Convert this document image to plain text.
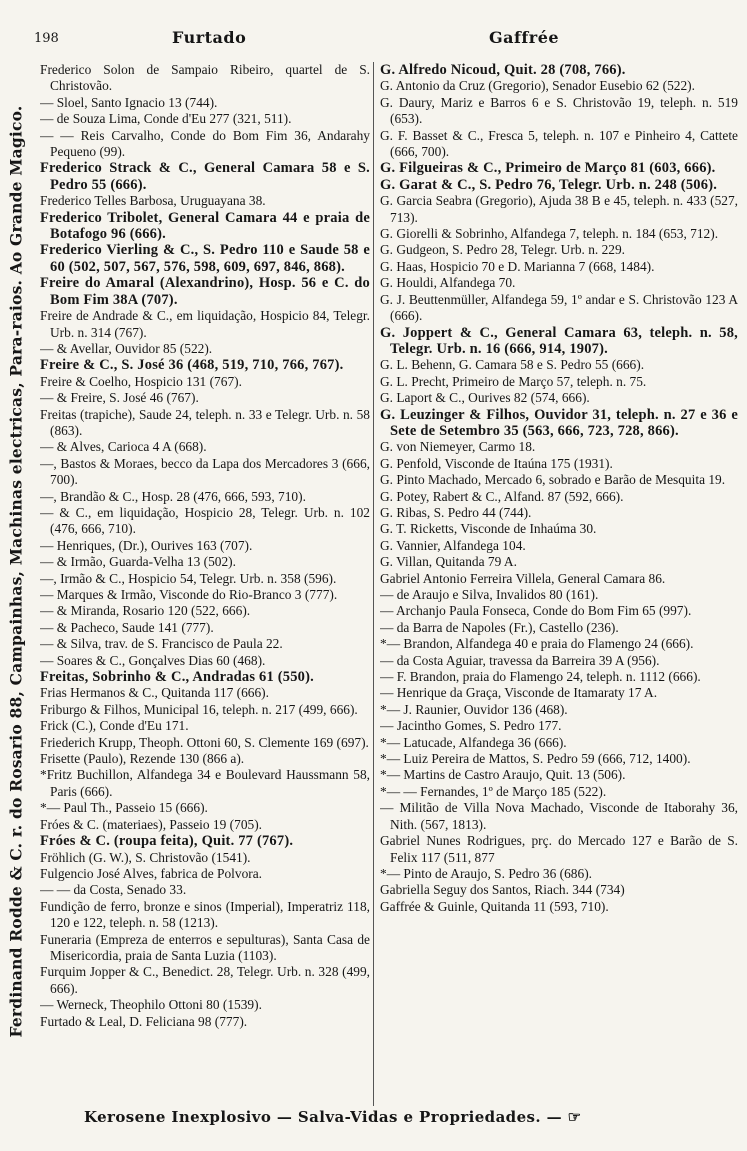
Ferdinand Rodde & C. r. do Rosario 88, Campainhas, Machinas electricas, Para-raios. Ao Grande Magico.
198	Furtado	Gaffrée
Frederico Solon de Sampaio Ribeiro, quartel de S. Christovão.
— Sloel, Santo Ignacio 13 (744).
— de Souza Lima, Conde d'Eu 277 (321, 511).
— — Reis Carvalho, Conde do Bom Fim 36, Andarahy Pequeno (99).
Frederico Strack & C., General Camara 58 e S. Pedro 55 (666).
Frederico Telles Barbosa, Uruguayana 38.
Frederico Tribolet, General Camara 44 e praia de Botafogo 96 (666).
Frederico Vierling & C., S. Pedro 110 e Saude 58 e 60 (502, 507, 567, 576, 598, 609, 697, 846, 868).
Freire do Amaral (Alexandrino), Hosp. 56 e C. do Bom Fim 38A (707).
Freire de Andrade & C., em liquidação, Hospicio 84, Telegr. Urb. n. 314 (767).
— & Avellar, Ouvidor 85 (522).
Freire & C., S. José 36 (468, 519, 710, 766, 767).
Freire & Coelho, Hospicio 131 (767).
— & Freire, S. José 46 (767).
Freitas (trapiche), Saude 24, teleph. n. 33 e Telegr. Urb. n. 58 (863).
— & Alves, Carioca 4 A (668).
—, Bastos & Moraes, becco da Lapa dos Mercadores 3 (666, 700).
—, Brandão & C., Hosp. 28 (476, 666, 593, 710).
— & C., em liquidação, Hospicio 28, Telegr. Urb. n. 102 (476, 666, 710).
— Henriques, (Dr.), Ourives 163 (707).
— & Irmão, Guarda-Velha 13 (502).
—, Irmão & C., Hospicio 54, Telegr. Urb. n. 358 (596).
— Marques & Irmão, Visconde do Rio-Branco 3 (777).
— & Miranda, Rosario 120 (522, 666).
— & Pacheco, Saude 141 (777).
— & Silva, trav. de S. Francisco de Paula 22.
— Soares & C., Gonçalves Dias 60 (468).
Freitas, Sobrinho & C., Andradas 61 (550).
Frias Hermanos & C., Quitanda 117 (666).
Friburgo & Filhos, Municipal 16, teleph. n. 217 (499, 666).
Frick (C.), Conde d'Eu 171.
Friederich Krupp, Theoph. Ottoni 60, S. Clemente 169 (697).
Frisette (Paulo), Rezende 130 (866 a).
*Fritz Buchillon, Alfandega 34 e Boulevard Haussmann 58, Paris (666).
*— Paul Th., Passeio 15 (666).
Fróes & C. (materiaes), Passeio 19 (705).
Fróes & C. (roupa feita), Quit. 77 (767).
Fröhlich (G. W.), S. Christovão (1541).
Fulgencio José Alves, fabrica de Polvora.
— — da Costa, Senado 33.
Fundição de ferro, bronze e sinos (Imperial), Imperatriz 118, 120 e 122, teleph. n. 58 (1213).
Funeraria (Empreza de enterros e sepulturas), Santa Casa de Misericordia, praia de Santa Luzia (1103).
Furquim Jopper & C., Benedict. 28, Telegr. Urb. n. 328 (499, 666).
— Werneck, Theophilo Ottoni 80 (1539).
Furtado & Leal, D. Feliciana 98 (777).
G. Alfredo Nicoud, Quit. 28 (708, 766).
G. Antonio da Cruz (Gregorio), Senador Eusebio 62 (522).
G. Daury, Mariz e Barros 6 e S. Christovão 19, teleph. n. 519 (653).
G. F. Basset & C., Fresca 5, teleph. n. 107 e Pinheiro 4, Cattete (666, 700).
G. Filgueiras & C., Primeiro de Março 81 (603, 666).
G. Garat & C., S. Pedro 76, Telegr. Urb. n. 248 (506).
G. Garcia Seabra (Gregorio), Ajuda 38 B e 45, teleph. n. 433 (527, 713).
G. Giorelli & Sobrinho, Alfandega 7, teleph. n. 184 (653, 712).
G. Gudgeon, S. Pedro 28, Telegr. Urb. n. 229.
G. Haas, Hospicio 70 e D. Marianna 7 (668, 1484).
G. Houldi, Alfandega 70.
G. J. Beuttenmüller, Alfandega 59, 1º andar e S. Christovão 123 A (666).
G. Joppert & C., General Camara 63, teleph. n. 58, Telegr. Urb. n. 16 (666, 914, 1907).
G. L. Behenn, G. Camara 58 e S. Pedro 55 (666).
G. L. Precht, Primeiro de Março 57, teleph. n. 75.
G. Laport & C., Ourives 82 (574, 666).
G. Leuzinger & Filhos, Ouvidor 31, teleph. n. 27 e 36 e Sete de Setembro 35 (563, 666, 723, 728, 866).
G. von Niemeyer, Carmo 18.
G. Penfold, Visconde de Itaúna 175 (1931).
G. Pinto Machado, Mercado 6, sobrado e Barão de Mesquita 19.
G. Potey, Rabert & C., Alfand. 87 (592, 666).
G. Ribas, S. Pedro 44 (744).
G. T. Ricketts, Visconde de Inhaúma 30.
G. Vannier, Alfandega 104.
G. Villan, Quitanda 79 A.
Gabriel Antonio Ferreira Villela, General Camara 86.
— de Araujo e Silva, Invalidos 80 (161).
— Archanjo Paula Fonseca, Conde do Bom Fim 65 (997).
— da Barra de Napoles (Fr.), Castello (236).
*— Brandon, Alfandega 40 e praia do Flamengo 24 (666).
— da Costa Aguiar, travessa da Barreira 39 A (956).
— F. Brandon, praia do Flamengo 24, teleph. n. 1112 (666).
— Henrique da Graça, Visconde de Itamaraty 17 A.
*— J. Raunier, Ouvidor 136 (468).
— Jacintho Gomes, S. Pedro 177.
*— Latucade, Alfandega 36 (666).
*— Luiz Pereira de Mattos, S. Pedro 59 (666, 712, 1400).
*— Martins de Castro Araujo, Quit. 13 (506).
*— — Fernandes, 1º de Março 185 (522).
— Militão de Villa Nova Machado, Visconde de Itaborahy 36, Nith. (567, 1813).
Gabriel Nunes Rodrigues, prç. do Mercado 127 e Barão de S. Felix 117 (511, 877
*— Pinto de Araujo, S. Pedro 36 (686).
Gabriella Seguy dos Santos, Riach. 344 (734)
Gaffrée & Guinle, Quitanda 11 (593, 710).
Kerosene Inexplosivo — Salva-Vidas e Propriedades. — ☞
